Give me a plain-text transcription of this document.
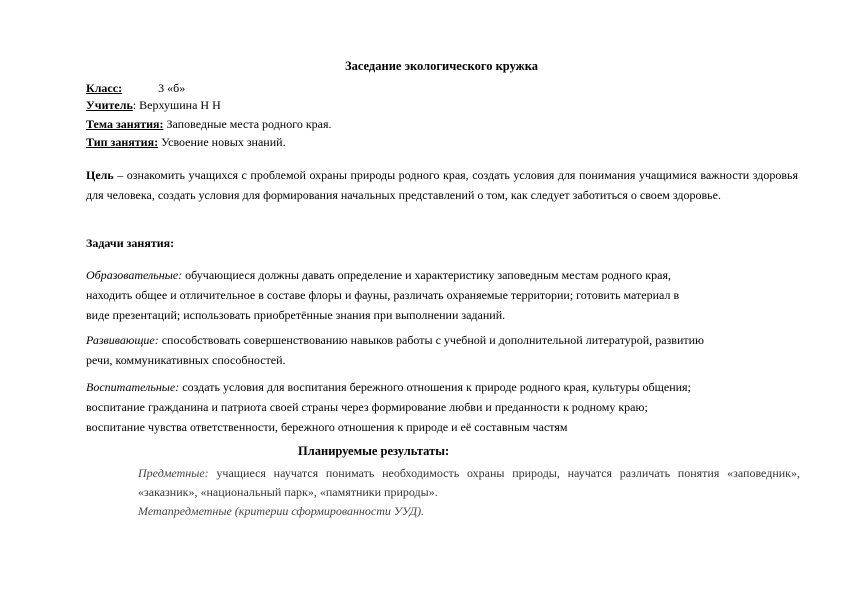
Заседание экологического кружка
Класс:	3 «б»
Учитель: Верхушина Н Н
Тема занятия: Заповедные места родного края.
Тип занятия: Усвоение новых знаний.
Цель – ознакомить учащихся с проблемой охраны природы родного края, создать условия для понимания учащимися важности здоровья для человека, создать условия для формирования начальных представлений о том, как следует заботиться о своем здоровье.
Задачи занятия:
Образовательные: обучающиеся должны давать определение и характеристику заповедным местам родного края,
находить общее и отличительное в составе флоры и фауны, различать охраняемые территории; готовить материал в
виде презентаций; использовать приобретённые знания при выполнении заданий.
Развивающие: способствовать совершенствованию навыков работы с учебной и дополнительной литературой, развитию
речи, коммуникативных способностей.
Воспитательные: создать условия для воспитания бережного отношения к природе родного края, культуры общения;
воспитание гражданина и патриота своей страны через формирование любви и преданности к родному краю;
воспитание чувства ответственности, бережного отношения к природе и её составным частям
Планируемые результаты:
Предметные: учащиеся научатся понимать необходимость охраны природы, научатся различать понятия «заповедник», «заказник», «национальный парк», «памятники природы».
Метапредметные (критерии сформированности УУД).
